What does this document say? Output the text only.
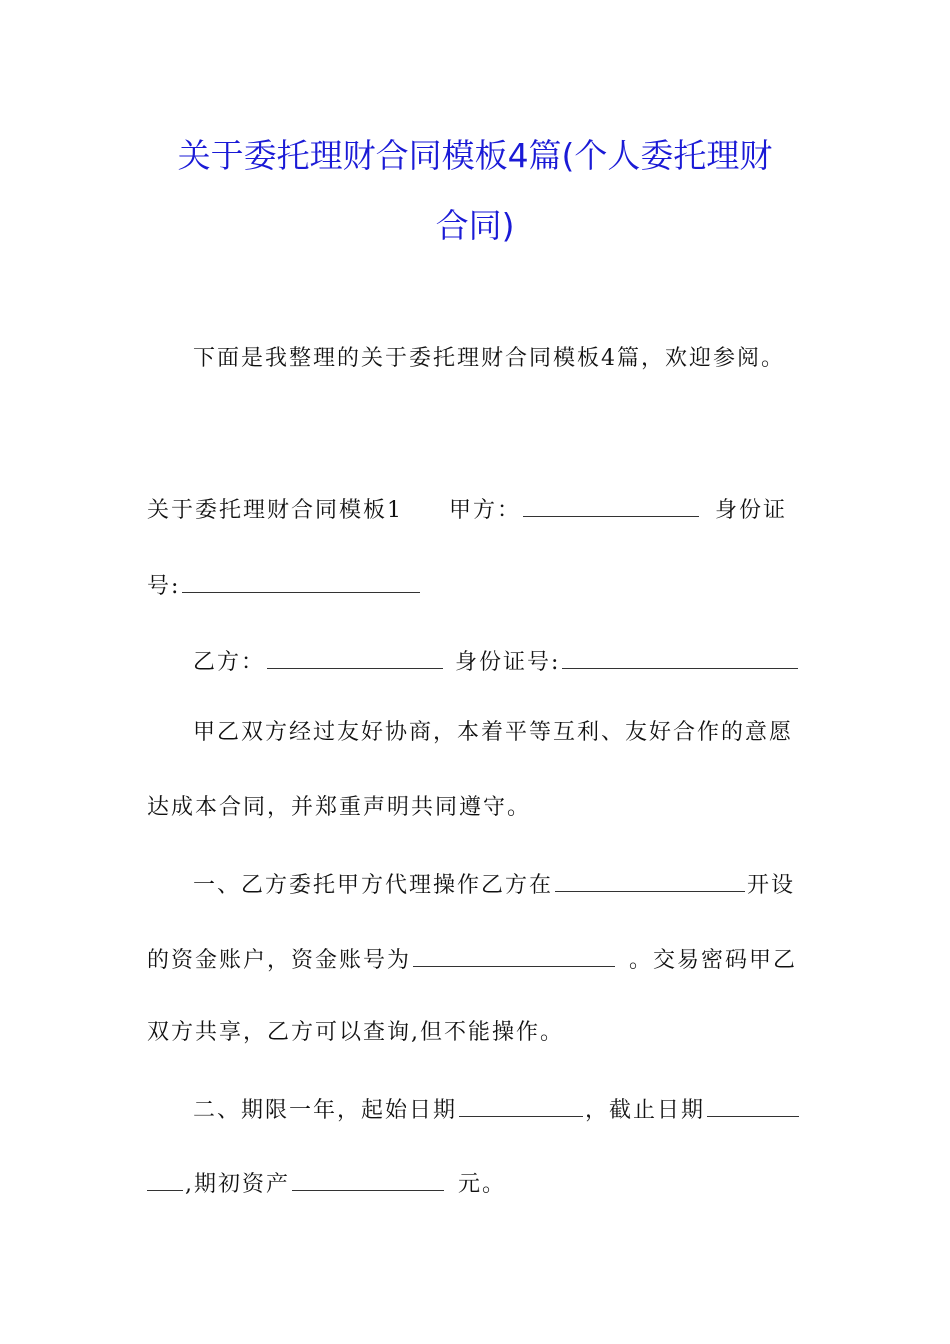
关于委托理财合同模板4篇(个人委托理财
合同)
下面是我整理的关于委托理财合同模板4篇，欢迎参阅。
关于委托理财合同模板1 甲方：	身份证
号:
乙方：	身份证号:
甲乙双方经过友好协商，本着平等互利、友好合作的意愿
达成本合同，并郑重声明共同遵守。
一、乙方委托甲方代理操作乙方在	开设
的资金账户，资金账号为	。交易密码甲乙
双方共享，乙方可以查询,但不能操作。
二、期限一年，起始日期	，截止日期
,期初资产	元。
